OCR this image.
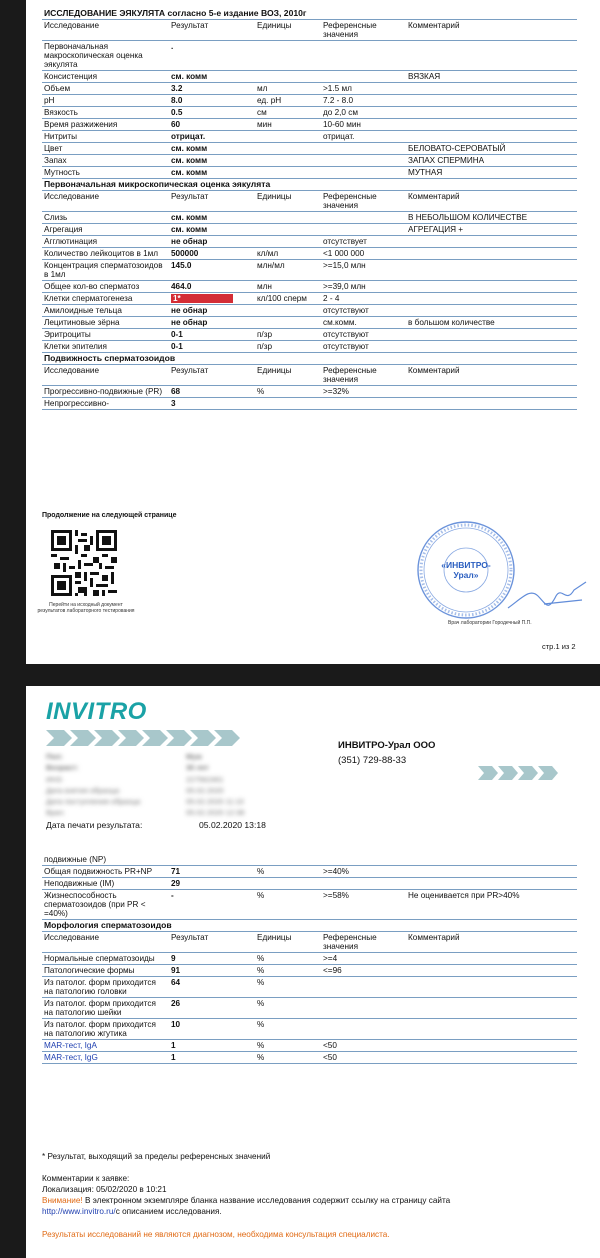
ИССЛЕДОВАНИЕ ЭЯКУЛЯТА согласно 5-е издание ВОЗ, 2010г				
Исследование	Результат	Единицы	Референсные значения	Комментарий
Первоначальная макроскопическая оценка эякулята	.			
Консистенция	см. комм			ВЯЗКАЯ
Объем	3.2	мл	>1.5 мл	
pH	8.0	ед. pH	7.2 - 8.0	
Вязкость	0.5	см	до 2,0 см	
Время разжижения	60	мин	10-60 мин	
Нитриты	отрицат.		отрицат.	
Цвет	см. комм			БЕЛОВАТО-СЕРОВАТЫЙ
Запах	см. комм			ЗАПАХ СПЕРМИНА
Мутность	см. комм			МУТНАЯ
Первоначальная микроскопическая оценка эякулята				
Исследование	Результат	Единицы	Референсные значения	Комментарий
Слизь	см. комм			В НЕБОЛЬШОМ КОЛИЧЕСТВЕ
Агрегация	см. комм			АГРЕГАЦИЯ +
Агглютинация	не обнар		отсутствует	
Количество лейкоцитов в 1мл	500000	кл/мл	<1 000 000	
Концентрация сперматозоидов в 1мл	145.0	млн/мл	>=15,0 млн	
Общее кол-во сперматоз	464.0	млн	>=39,0 млн	
Клетки сперматогенеза	1*	кл/100 сперм	2 - 4	
Амилоидные тельца	не обнар		отсутствуют	
Лецитиновые зёрна	не обнар		см.комм.	в большом количестве
Эритроциты	0-1	п/зр	отсутствуют	
Клетки эпителия	0-1	п/зр	отсутствуют	
Подвижность сперматозоидов				
Исследование	Результат	Единицы	Референсные значения	Комментарий
Прогрессивно-подвижные (PR)	68	%	>=32%	
Непрогрессивно-	3			
Продолжение на следующей странице
Перейти на исходный документ результатов лабораторного тестирования
«ИНВИТРО-
Урал»
Врач лаборатории Городечный П.П.
стр.1 из 2
INVITRO
ИНВИТРО-Урал ООО
(351) 729-88-33
Пол:	Муж
Возраст:	30 лет
ИНЗ:	227562461
Дата взятия образца:	05.02.2020
Дата поступления образца:	05.02.2020 11:10
Врач:	05.02.2020 12:38
Дата печати результата:	05.02.2020 13:18
подвижные (NP)				
Общая подвижность PR+NP	71	%	>=40%	
Неподвижные (IM)	29			
Жизнеспособность сперматозоидов (при PR < =40%)	-	%	>=58%	Не оценивается при PR>40%
Морфология сперматозоидов				
Исследование	Результат	Единицы	Референсные значения	Комментарий
Нормальные сперматозоиды	9	%	>=4	
Патологические формы	91	%	<=96	
Из патолог. форм приходится на патологию головки	64	%		
Из патолог. форм приходится на патологию шейки	26	%		
Из патолог. форм приходится на патологию жгутика	10	%		
MAR-тест, IgA	1	%	<50	
MAR-тест, IgG	1	%	<50	
* Результат, выходящий за пределы референсных значений
Комментарии к заявке:
Локализация: 05/02/2020 в 10:21
Внимание! В электронном экземпляре бланка название исследования содержит ссылку на страницу сайта
http://www.invitro.ru/с описанием исследования.
Результаты исследований не являются диагнозом, необходима консультация специалиста.
